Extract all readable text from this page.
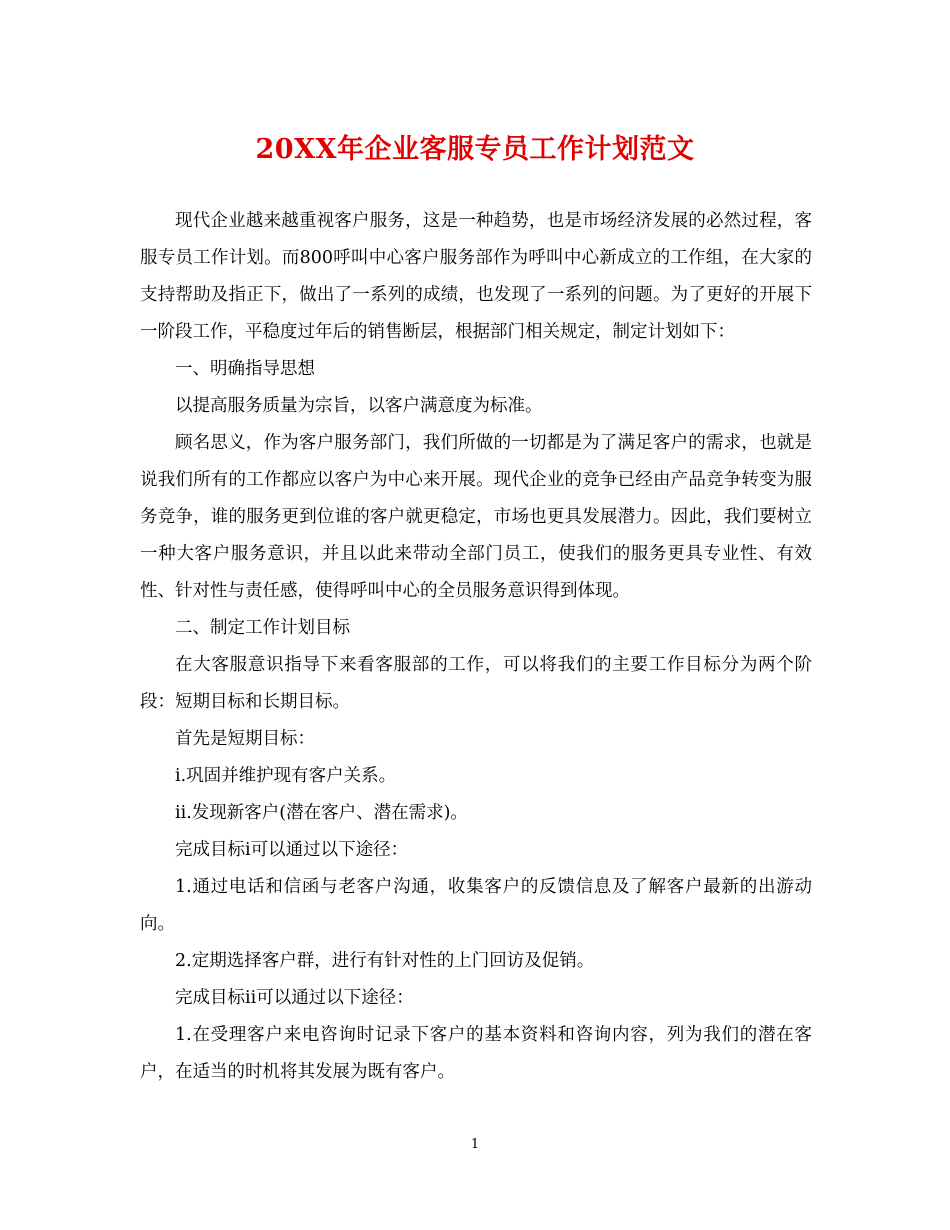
20XX年企业客服专员工作计划范文

现代企业越来越重视客户服务，这是一种趋势，也是市场经济发展的必然过程，客服专员工作计划。而800呼叫中心客户服务部作为呼叫中心新成立的工作组，在大家的支持帮助及指正下，做出了一系列的成绩，也发现了一系列的问题。为了更好的开展下一阶段工作，平稳度过年后的销售断层，根据部门相关规定，制定计划如下：

一、明确指导思想

以提高服务质量为宗旨，以客户满意度为标准。

顾名思义，作为客户服务部门，我们所做的一切都是为了满足客户的需求，也就是说我们所有的工作都应以客户为中心来开展。现代企业的竞争已经由产品竞争转变为服务竞争，谁的服务更到位谁的客户就更稳定，市场也更具发展潜力。因此，我们要树立一种大客户服务意识，并且以此来带动全部门员工，使我们的服务更具专业性、有效性、针对性与责任感，使得呼叫中心的全员服务意识得到体现。

二、制定工作计划目标

在大客服意识指导下来看客服部的工作，可以将我们的主要工作目标分为两个阶段：短期目标和长期目标。

首先是短期目标：

i.巩固并维护现有客户关系。

ii.发现新客户(潜在客户、潜在需求)。

完成目标i可以通过以下途径：

1.通过电话和信函与老客户沟通，收集客户的反馈信息及了解客户最新的出游动向。

2.定期选择客户群，进行有针对性的上门回访及促销。

完成目标ii可以通过以下途径：

1.在受理客户来电咨询时记录下客户的基本资料和咨询内容，列为我们的潜在客户，在适当的时机将其发展为既有客户。

1
